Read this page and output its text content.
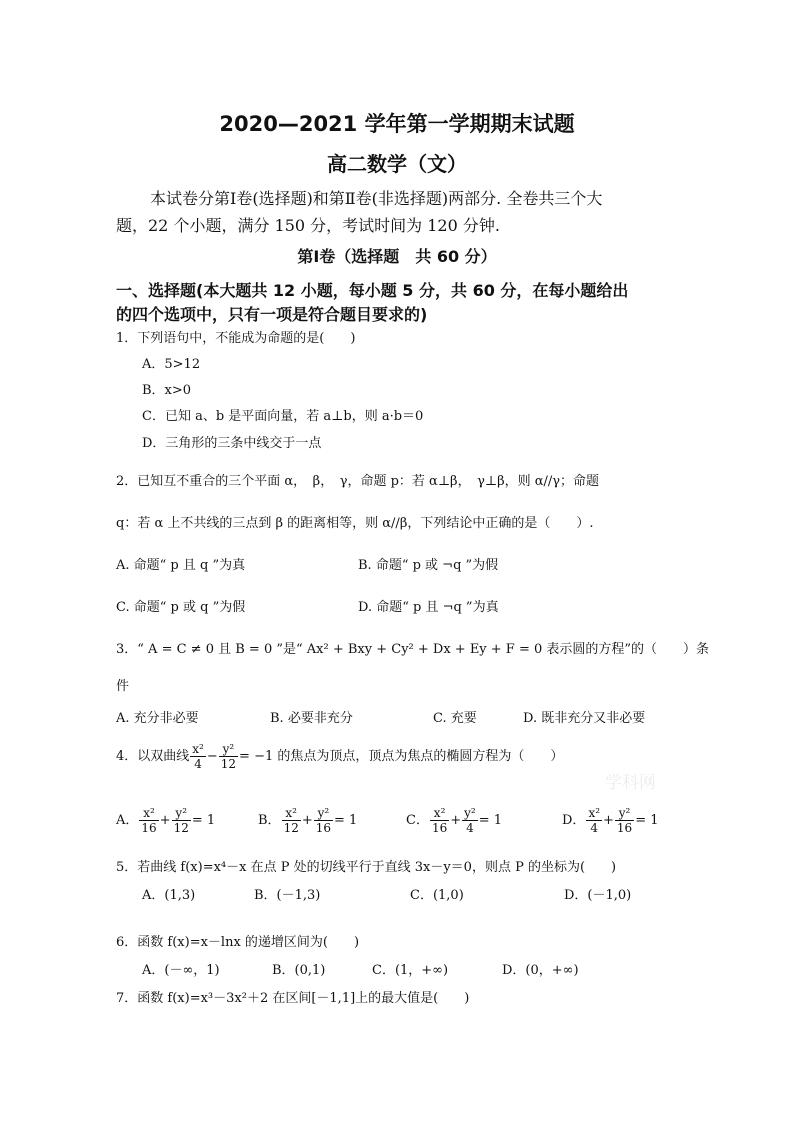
2020—2021 学年第一学期期末试题
高二数学（文）
本试卷分第Ⅰ卷(选择题)和第Ⅱ卷(非选择题)两部分. 全卷共三个大
题，22 个小题，满分 150 分，考试时间为 120 分钟.
第Ⅰ卷（选择题　共 60 分）
一、选择题(本大题共 12 小题，每小题 5 分，共 60 分，在每小题给出
的四个选项中，只有一项是符合题目要求的)
1．下列语句中，不能成为命题的是(　　)
A．5>12
B．x>0
C．已知 a、b 是平面向量，若 a⊥b，则 a·b＝0
D．三角形的三条中线交于一点
2．已知互不重合的三个平面 α，　β，　γ，命题 p：若 α⊥β，　γ⊥β，则 α//γ；命题
q：若 α 上不共线的三点到 β 的距离相等，则 α//β，下列结论中正确的是（　　）.
A. 命题“ p 且 q ”为真	B. 命题“ p 或 ¬q ”为假
C. 命题“ p 或 q ”为假	D. 命题“ p 且 ¬q ”为真
3．“ A = C ≠ 0 且 B = 0 ”是“ Ax² + Bxy + Cy² + Dx + Ey + F = 0 表示圆的方程”的（　　）条
件
A. 充分非必要	B. 必要非充分	C. 充要	D. 既非充分又非必要
4．以双曲线 $\frac{\text{x²}}{4} - \frac{\text{y²}}{12} = -1$ 的焦点为顶点，顶点为焦点的椭圆方程为（　　）
A． $\frac{\text{x²}}{16} + \frac{\text{y²}}{12} = 1$	B． $\frac{\text{x²}}{12} + \frac{\text{y²}}{16} = 1$	C． $\frac{\text{x²}}{16} + \frac{\text{y²}}{4} = 1$	D． $\frac{\text{x²}}{4} + \frac{\text{y²}}{16} = 1$
5．若曲线 f(x)=x⁴－x 在点 P 处的切线平行于直线 3x－y＝0，则点 P 的坐标为(　　)
A．(1,3)	B．(－1,3)	C．(1,0)	D．(－1,0)
6．函数 f(x)=x－lnx 的递增区间为(　　)
A．(－∞，1)	B．(0,1)	C．(1，+∞)	D．(0，+∞)
7．函数 f(x)=x³－3x²＋2 在区间[－1,1]上的最大值是(　　)
学科网
